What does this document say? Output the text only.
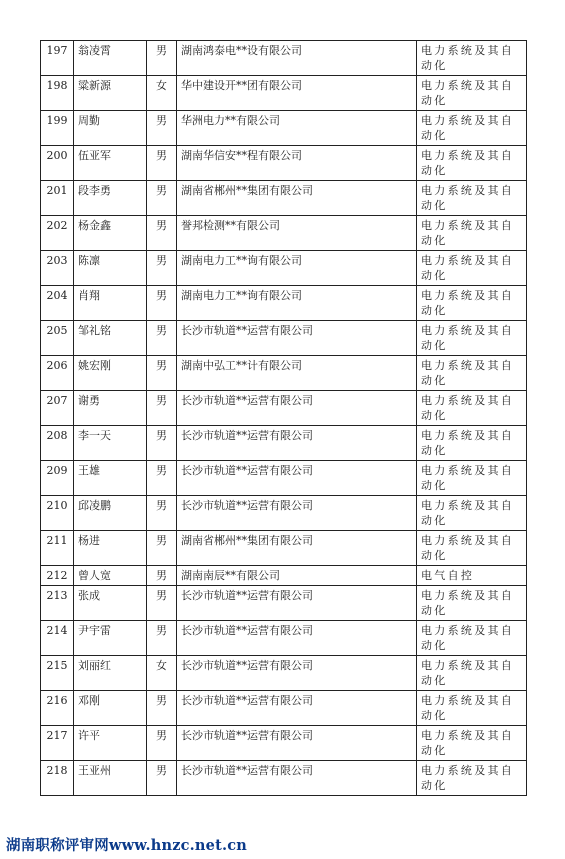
197	翁凌霄	男	湖南鸿泰电**设有限公司	电力系统及其自动化
198	粱新源	女	华中建设开**团有限公司	电力系统及其自动化
199	周勤	男	华洲电力**有限公司	电力系统及其自动化
200	伍亚军	男	湖南华信安**程有限公司	电力系统及其自动化
201	段李勇	男	湖南省郴州**集团有限公司	电力系统及其自动化
202	杨金鑫	男	誉邦检测**有限公司	电力系统及其自动化
203	陈凛	男	湖南电力工**询有限公司	电力系统及其自动化
204	肖翔	男	湖南电力工**询有限公司	电力系统及其自动化
205	邹礼铭	男	长沙市轨道**运营有限公司	电力系统及其自动化
206	姚宏刚	男	湖南中弘工**计有限公司	电力系统及其自动化
207	谢勇	男	长沙市轨道**运营有限公司	电力系统及其自动化
208	李一天	男	长沙市轨道**运营有限公司	电力系统及其自动化
209	王雄	男	长沙市轨道**运营有限公司	电力系统及其自动化
210	邱凌鹏	男	长沙市轨道**运营有限公司	电力系统及其自动化
211	杨进	男	湖南省郴州**集团有限公司	电力系统及其自动化
212	曾人宽	男	湖南南辰**有限公司	电气自控
213	张成	男	长沙市轨道**运营有限公司	电力系统及其自动化
214	尹宇雷	男	长沙市轨道**运营有限公司	电力系统及其自动化
215	刘丽红	女	长沙市轨道**运营有限公司	电力系统及其自动化
216	邓刚	男	长沙市轨道**运营有限公司	电力系统及其自动化
217	许平	男	长沙市轨道**运营有限公司	电力系统及其自动化
218	王亚州	男	长沙市轨道**运营有限公司	电力系统及其自动化
湖南职称评审网www.hnzc.net.cn
